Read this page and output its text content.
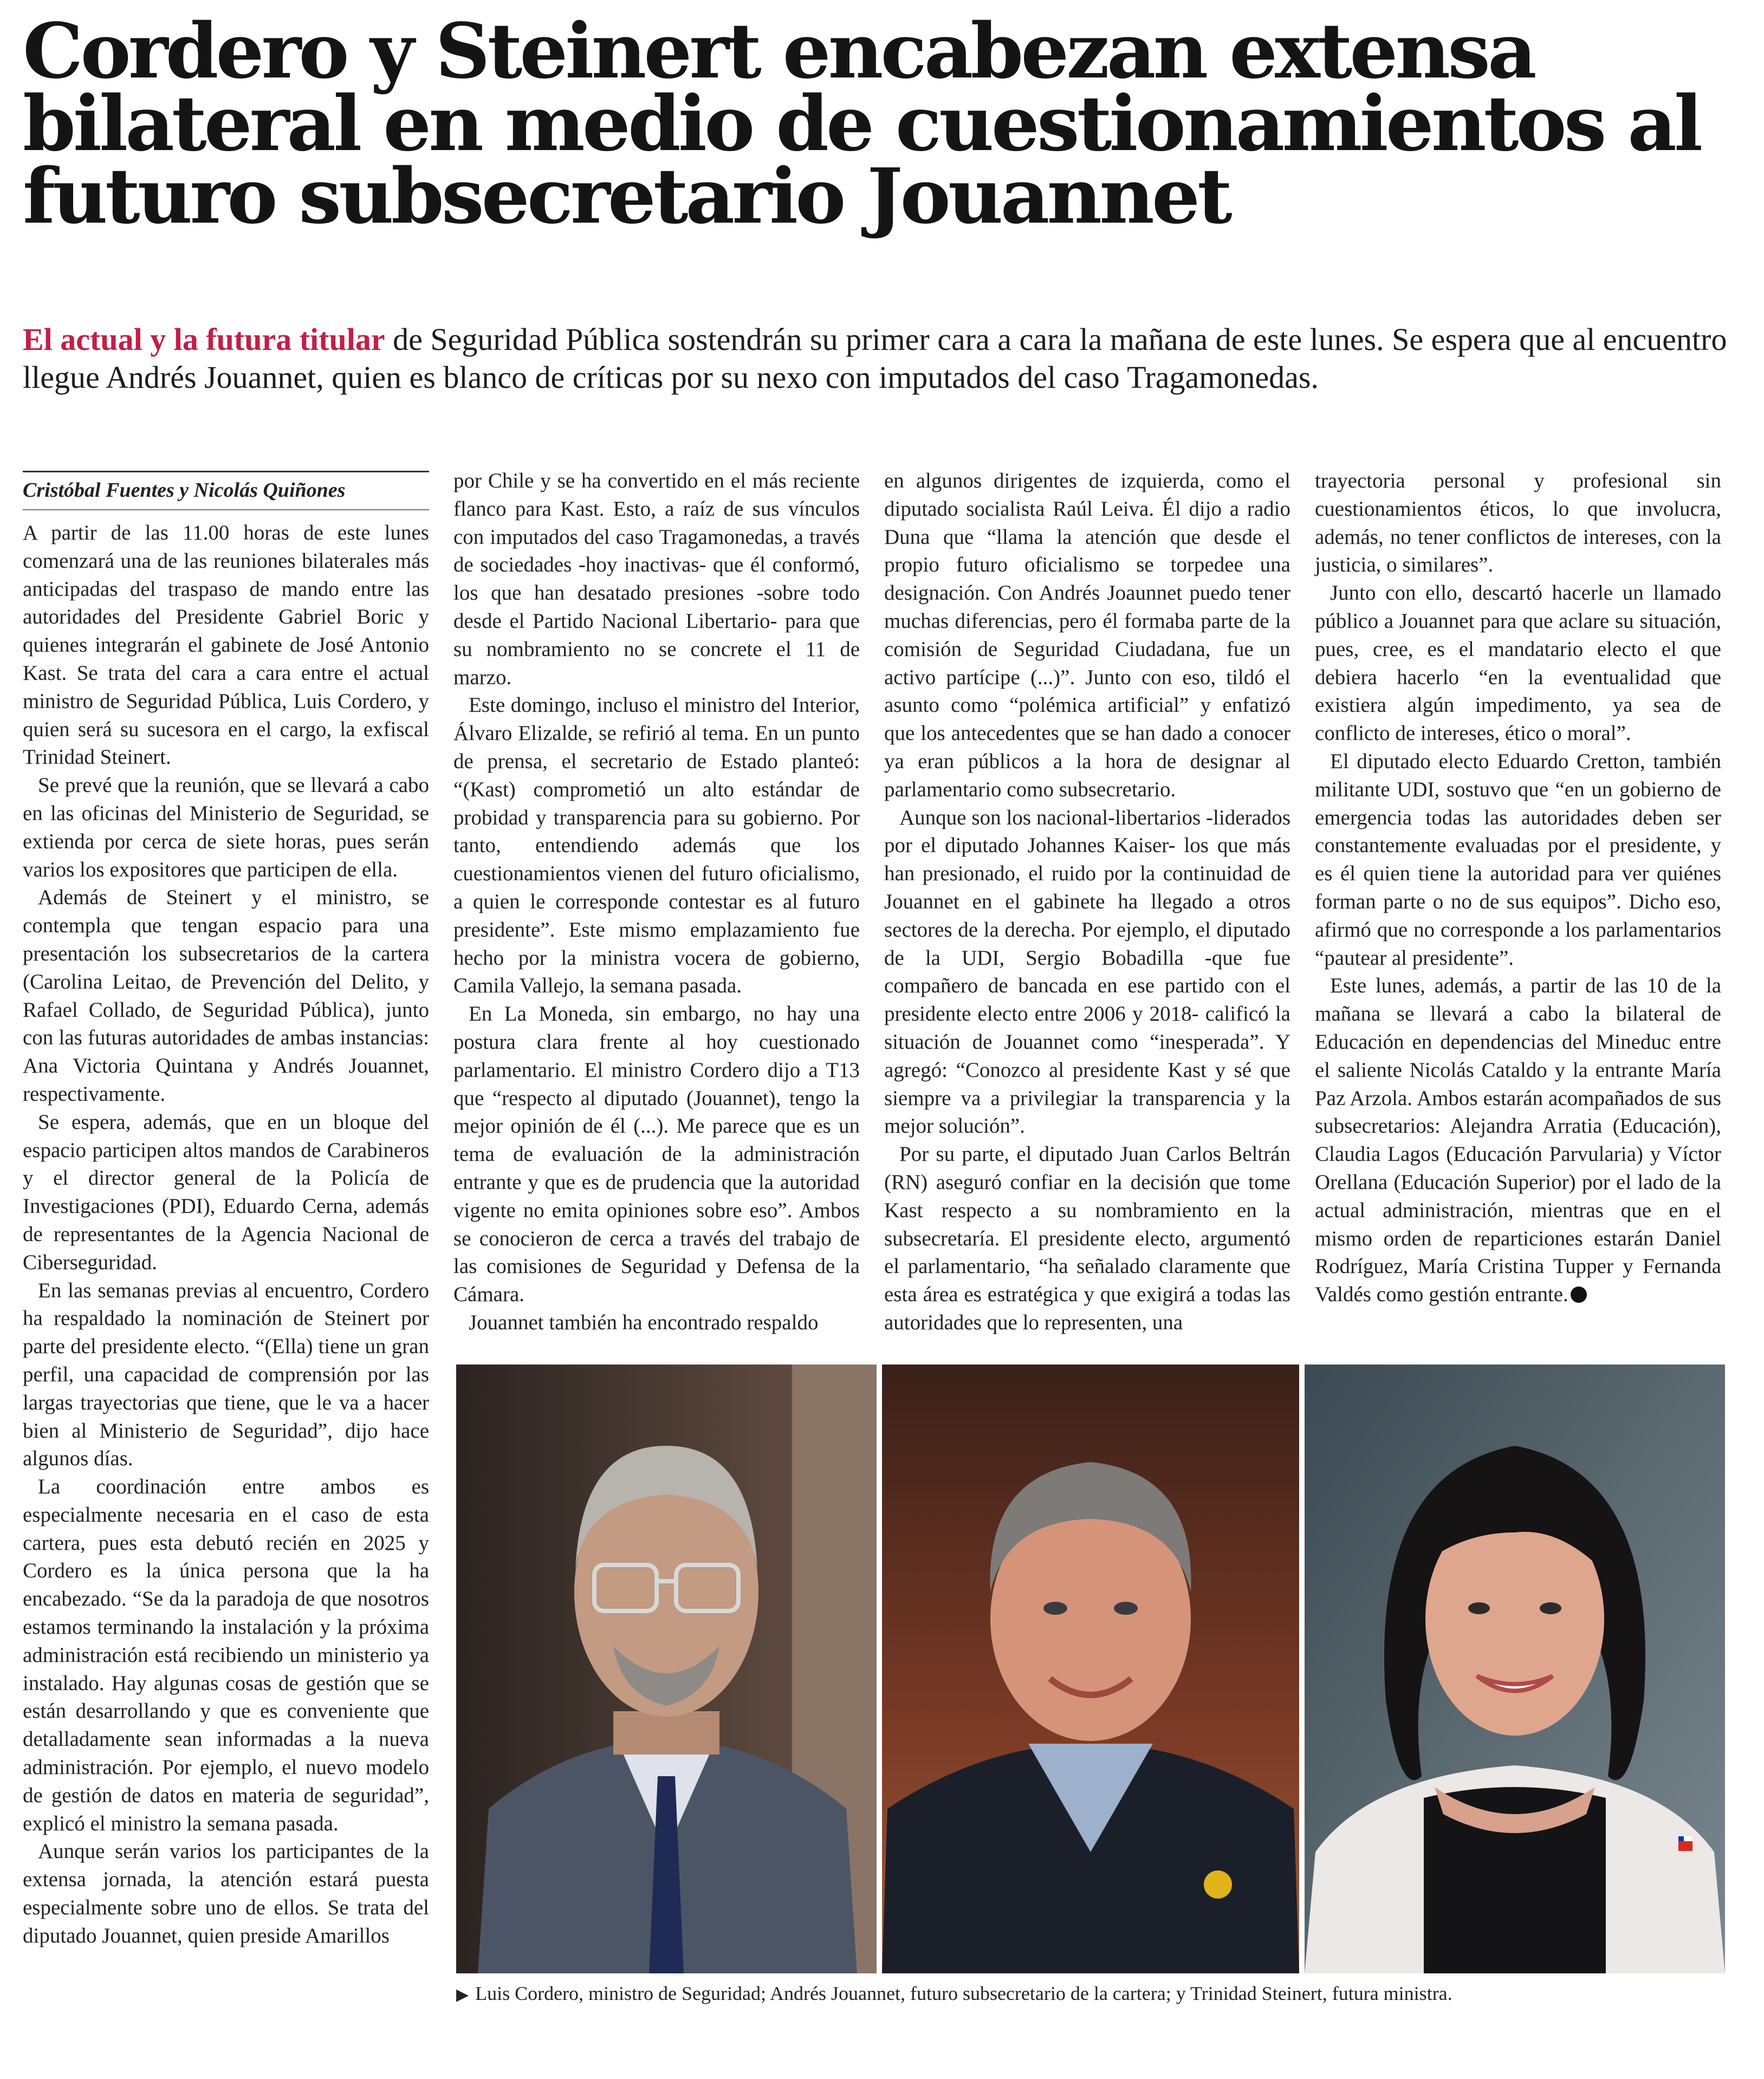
Cordero y Steinert encabezan extensa bilateral en medio de cuestionamientos al futuro subsecretario Jouannet

El actual y la futura titular de Seguridad Pública sostendrán su primer cara a cara la mañana de este lunes. Se espera que al encuentro llegue Andrés Jouannet, quien es blanco de críticas por su nexo con imputados del caso Tragamonedas.

Cristóbal Fuentes y Nicolás Quiñones

A partir de las 11.00 horas de este lunes comenzará una de las reuniones bilaterales más anticipadas del traspaso de mando entre las autoridades del Presidente Gabriel Boric y quienes integrarán el gabinete de José Antonio Kast. Se trata del cara a cara entre el actual ministro de Seguridad Pública, Luis Cordero, y quien será su sucesora en el cargo, la exfiscal Trinidad Steinert.

Se prevé que la reunión, que se llevará a cabo en las oficinas del Ministerio de Seguridad, se extienda por cerca de siete horas, pues serán varios los expositores que participen de ella.

Además de Steinert y el ministro, se contempla que tengan espacio para una presentación los subsecretarios de la cartera (Carolina Leitao, de Prevención del Delito, y Rafael Collado, de Seguridad Pública), junto con las futuras autoridades de ambas instancias: Ana Victoria Quintana y Andrés Jouannet, respectivamente.

Se espera, además, que en un bloque del espacio participen altos mandos de Carabineros y el director general de la Policía de Investigaciones (PDI), Eduardo Cerna, además de representantes de la Agencia Nacional de Ciberseguridad.

En las semanas previas al encuentro, Cordero ha respaldado la nominación de Steinert por parte del presidente electo. “(Ella) tiene un gran perfil, una capacidad de comprensión por las largas trayectorias que tiene, que le va a hacer bien al Ministerio de Seguridad”, dijo hace algunos días.

La coordinación entre ambos es especialmente necesaria en el caso de esta cartera, pues esta debutó recién en 2025 y Cordero es la única persona que la ha encabezado. “Se da la paradoja de que nosotros estamos terminando la instalación y la próxima administración está recibiendo un ministerio ya instalado. Hay algunas cosas de gestión que se están desarrollando y que es conveniente que detalladamente sean informadas a la nueva administración. Por ejemplo, el nuevo modelo de gestión de datos en materia de seguridad”, explicó el ministro la semana pasada.

Aunque serán varios los participantes de la extensa jornada, la atención estará puesta especialmente sobre uno de ellos. Se trata del diputado Jouannet, quien preside Amarillos

por Chile y se ha convertido en el más reciente flanco para Kast. Esto, a raíz de sus vínculos con imputados del caso Tragamonedas, a través de sociedades -hoy inactivas- que él conformó, los que han desatado presiones -sobre todo desde el Partido Nacional Libertario- para que su nombramiento no se concrete el 11 de marzo.

Este domingo, incluso el ministro del Interior, Álvaro Elizalde, se refirió al tema. En un punto de prensa, el secretario de Estado planteó: “(Kast) comprometió un alto estándar de probidad y transparencia para su gobierno. Por tanto, entendiendo además que los cuestionamientos vienen del futuro oficialismo, a quien le corresponde contestar es al futuro presidente”. Este mismo emplazamiento fue hecho por la ministra vocera de gobierno, Camila Vallejo, la semana pasada.

En La Moneda, sin embargo, no hay una postura clara frente al hoy cuestionado parlamentario. El ministro Cordero dijo a T13 que “respecto al diputado (Jouannet), tengo la mejor opinión de él (...). Me parece que es un tema de evaluación de la administración entrante y que es de prudencia que la autoridad vigente no emita opiniones sobre eso”. Ambos se conocieron de cerca a través del trabajo de las comisiones de Seguridad y Defensa de la Cámara.

Jouannet también ha encontrado respaldo

en algunos dirigentes de izquierda, como el diputado socialista Raúl Leiva. Él dijo a radio Duna que “llama la atención que desde el propio futuro oficialismo se torpedee una designación. Con Andrés Joaunnet puedo tener muchas diferencias, pero él formaba parte de la comisión de Seguridad Ciudadana, fue un activo partícipe (...)”. Junto con eso, tildó el asunto como “polémica artificial” y enfatizó que los antecedentes que se han dado a conocer ya eran públicos a la hora de designar al parlamentario como subsecretario.

Aunque son los nacional-libertarios -liderados por el diputado Johannes Kaiser- los que más han presionado, el ruido por la continuidad de Jouannet en el gabinete ha llegado a otros sectores de la derecha. Por ejemplo, el diputado de la UDI, Sergio Bobadilla -que fue compañero de bancada en ese partido con el presidente electo entre 2006 y 2018- calificó la situación de Jouannet como “inesperada”. Y agregó: “Conozco al presidente Kast y sé que siempre va a privilegiar la transparencia y la mejor solución”.

Por su parte, el diputado Juan Carlos Beltrán (RN) aseguró confiar en la decisión que tome Kast respecto a su nombramiento en la subsecretaría. El presidente electo, argumentó el parlamentario, “ha señalado claramente que esta área es estratégica y que exigirá a todas las autoridades que lo representen, una

trayectoria personal y profesional sin cuestionamientos éticos, lo que involucra, además, no tener conflictos de intereses, con la justicia, o similares”.

Junto con ello, descartó hacerle un llamado público a Jouannet para que aclare su situación, pues, cree, es el mandatario electo el que debiera hacerlo “en la eventualidad que existiera algún impedimento, ya sea de conflicto de intereses, ético o moral”.

El diputado electo Eduardo Cretton, también militante UDI, sostuvo que “en un gobierno de emergencia todas las autoridades deben ser constantemente evaluadas por el presidente, y es él quien tiene la autoridad para ver quiénes forman parte o no de sus equipos”. Dicho eso, afirmó que no corresponde a los parlamentarios “pautear al presidente”.

Este lunes, además, a partir de las 10 de la mañana se llevará a cabo la bilateral de Educación en dependencias del Mineduc entre el saliente Nicolás Cataldo y la entrante María Paz Arzola. Ambos estarán acompañados de sus subsecretarios: Alejandra Arratia (Educación), Claudia Lagos (Educación Parvularia) y Víctor Orellana (Educación Superior) por el lado de la actual administración, mientras que en el mismo orden de reparticiones estarán Daniel Rodríguez, María Cristina Tupper y Fernanda Valdés como gestión entrante.

▶ Luis Cordero, ministro de Seguridad; Andrés Jouannet, futuro subsecretario de la cartera; y Trinidad Steinert, futura ministra.
